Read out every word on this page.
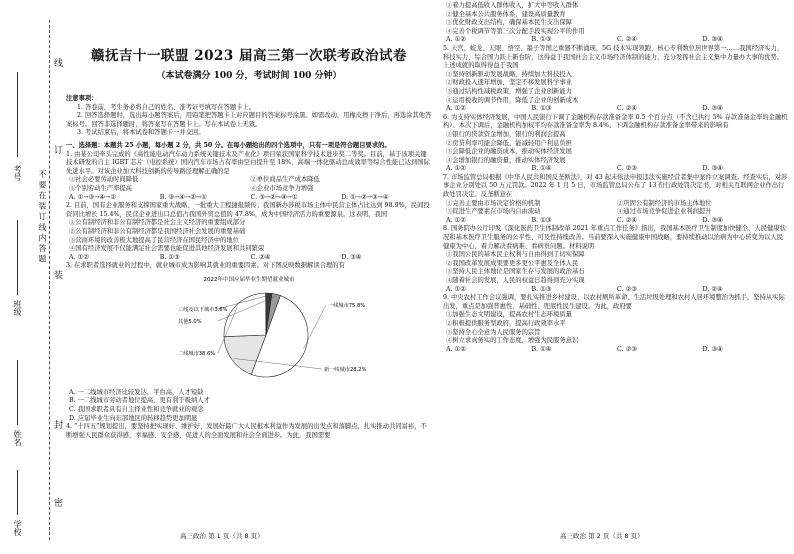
线
订
装
封
密
不 要 在 装 订 线 内 答 题
考号
班级
姓名
学校
赣抚吉十一联盟 2023 届高三第一次联考政治试卷
（本试卷满分 100 分，考试时间 100 分钟）
注意事项：
1. 答卷前，考生务必将自己的姓名、准考证号填写在答题卡上。
2. 回答选择题时，选出每小题答案后，用铅笔把答题卡上对应题目的答案标号涂黑。如需改动，用橡皮擦干净后，再选涂其他答案标号。回答非选择题时，将答案写在答题卡上。写在本试卷上无效。
3. 考试结束后，将本试卷和答题卡一并交回。
一、选择题：本题共 25 小题，每小题 2 分，共 50 分。在每小题给出的四个选项中，只有一项是符合题目要求的。
1. 由某公司牵头完成的《高性能电动汽车动力系统关键技术及产业化》项目荣获国家科学技术进步奖二等奖。目前，基于该项关键技术研发的自主 IGBT 芯片（电控系统）国内汽车市场占有率由空白提升至 18%，高端一体化驱动总成效率等综合性能已达到国际先进水平。对该企业加大科技创新的传导路径理解正确的是
①社会必要劳动时间降低	②单位商品生产成本降低
③个别劳动生产率提高	④企业市场竞争力增强
A. ①→③→④→②	B. ③→④→②→①	C. ③→②→④→①	D. ①→②→③→④
2. 目前，国有企业服务和支撑国家重大战略，一批重大工程捷报频传；我国新办涉税市场主体中民营主体占比达到 98.9%，民间投资同比增长 15.4%，民营企业进出口总值占我国外贸总值的 47.8%，成为中国经济活力的重要源泉。这表明，我国
①公有制经济和非公有制经济都是社会主义经济的重要组成部分
②公有制经济和非公有制经济都是我国经济社会发展的重要基础
③营商环境的改善极大地提高了民营经济在国民经济中的地位
④国有经济发展不仅能满足社会需要也能促进其他经济发展和共同繁荣
A. ①②	B. ①③	C. ②④	D. ③④
3. 在求职者选择就业的过程中，就业城市成为影响其就业的重要因素。对下图反映数据解读合理的有
2022年中国应届毕业生期望就业城市
一线城市75.8%
新一线城市28.2%
二线城市38.6%
三线及以下城市3.6%
其他5.0%
A. 一二线城市经济比较发达，平台高，人才短缺
B. 一二线城市劳动者地位提高，更有利于吸纳人才
C. 我国求职者具有自主择业性和竞争就业的观念
D. 应届毕业生向东部地区的转移趋势更加明显
4. “十四五”规划提出，要坚持把实现好、维护好、发展好最广大人民根本利益作为发展的出发点和落脚点，扎实推动共同富裕，不断增强人民群众获得感、幸福感、安全感，促进人的全面发展和社会全面进步。为此，我国需要
①着力提高低收入群体收入，扩大中等收入群体
②健全基本公共服务体系，建设高质量教育
③优化财政支出结构，确保基本民生支出保障
④完善个税调节等第三次分配手段实现公平的作用
A. ①②	B. ①③	C. ②④	D. ③④
5. 天宫、蛟龙、天眼、悟空、墨子等国之重器不断涌现，5G 技术实现领跑，核心专利数位居世界第一……我国经济实力、科技实力、综合国力跃上新台阶，这得益于我国社会主义市场经济体制的能力，充分发挥社会主义集中力量办大事的优势。上述成就的取得得益于我国
①坚持创新驱动发展战略，持续加大科技投入
②财政投入逐年增加，坚定不移发展科学事业
③通过结构性减税政策，增强了企业创新能力
④运用税收的调节作用，降低了企业的创新成本
A. ①②	B. ①③	C. ②④	D. ③④
6. 为支持实体经济发展，中国人民银行下调了金融机构存款准备金率 0.5 个百分点（不含已执行 5% 存款准备金率的金融机构）。本次下调后，金融机构加权平均存款准备金率为 8.4%。下调金融机构存款准备金率带来的影响有
①银行的贷款资金增加，银行的利润会提高
②房贷利率可能会降低，能减轻用户利息负担
③会降低企业的融资成本，推动实体经济发展
④会增加银行的融资量，推动实体经济发展
A. ①②	B. ①④	C. ②③	D. ③④
7. 市场监管总局根据《中华人民共和国反垄断法》，对 43 起未依法申报违法实施经营者集中案件立案调查。经查实后，对涉事企业分别处以 50 万元罚款。2022 年 1 月 5 日，市场监管总局公布了 13 份行政处罚决定书，对相关互联网企业作出行政处罚决定。反垄断意在
①完善主要由市场决定价格的机制	②巩固公有制经济的市场主体地位
③促进生产要素在市场内自由流动	④通过市场竞争促进企业利润提升
A. ①②	B. ①③	C. ②④	D. ③④
8. 国务院办公厅印发《深化医药卫生体制改革 2021 年重点工作任务》指出，我国基本医疗卫生制度加快健全，人民健康状况和基本医疗卫生服务的公平性、可及性持续改善。当前要深入实施健康中国战略，要持续推动以治病为中心转变为以人民健康为中心，着力解决看病难、看病贵问题。材料说明
①我国公民的基本民主权利与自由得到了切实保障
②我国改革发展成果要更多更公平惠及全体人民
③坚持人民主体地位是国家生存与发展的政治基石
④随着社会的发展，人民的权益日趋得到充分实现
A. ①②	B. ①③	C. ②③	D. ②④
9. 中央农村工作会议强调，要扎实推进乡村建设，以农村厕所革命、生活垃圾处理和农村人居环境整治为抓手，坚持从实际出发，重点是加强普惠性、基础性、兜底性民生建设。为此，政府要
①加强生态文明建设，提高农村生态环境质量
②积极提供服务型政府，提高行政效率水平
③坚持全心全意为人民服务的宗旨
④树立求真务实的工作态度，增强为民服务意识
A. ①②	B. ①④	C. ②③	D. ③④
高三政治 第 1 页（共 8 页）	高三政治 第 2 页（共 8 页）
